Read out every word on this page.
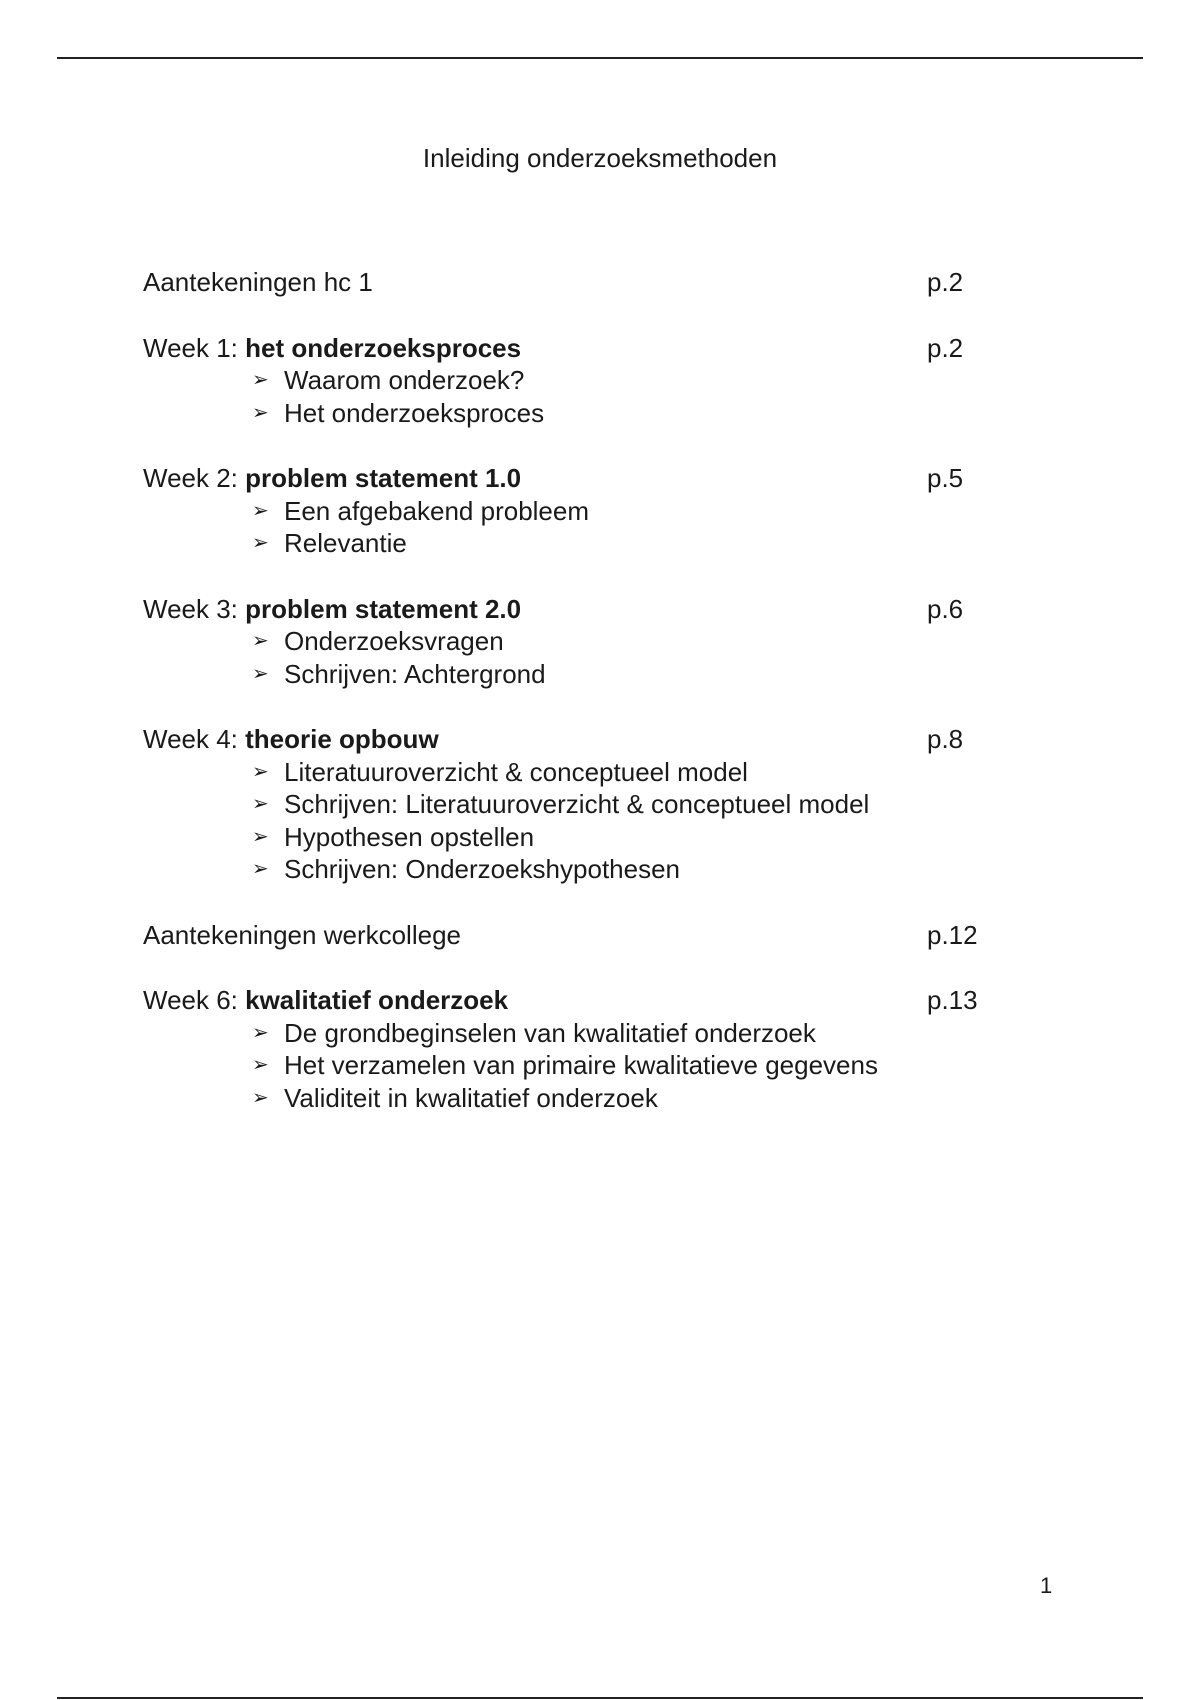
Inleiding onderzoeksmethoden
Aantekeningen hc 1	p.2
Week 1: het onderzoeksproces	p.2
➢ Waarom onderzoek?
➢ Het onderzoeksproces
Week 2: problem statement 1.0	p.5
➢ Een afgebakend probleem
➢ Relevantie
Week 3: problem statement 2.0	p.6
➢ Onderzoeksvragen
➢ Schrijven: Achtergrond
Week 4: theorie opbouw	p.8
➢ Literatuuroverzicht & conceptueel model
➢ Schrijven: Literatuuroverzicht & conceptueel model
➢ Hypothesen opstellen
➢ Schrijven: Onderzoekshypothesen
Aantekeningen werkcollege	p.12
Week 6: kwalitatief onderzoek	p.13
➢ De grondbeginselen van kwalitatief onderzoek
➢ Het verzamelen van primaire kwalitatieve gegevens
➢ Validiteit in kwalitatief onderzoek
1
